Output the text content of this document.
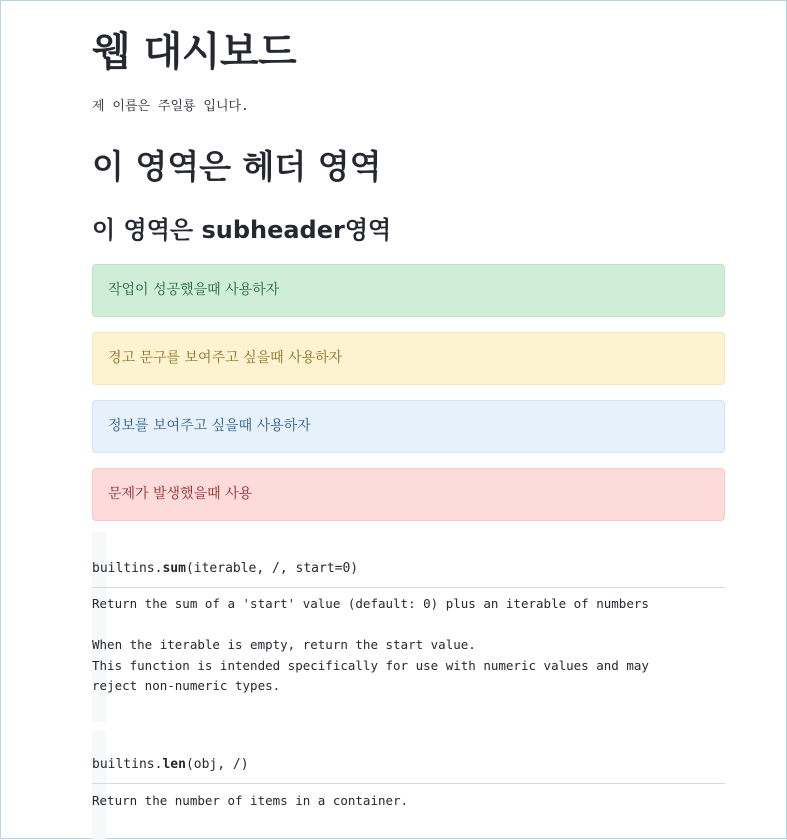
웹 대시보드
제 이름은 주일룡 입니다.
이 영역은 헤더 영역
이 영역은 subheader영역
작업이 성공했을때 사용하자
경고 문구를 보여주고 싶을때 사용하자
정보를 보여주고 싶을때 사용하자
문제가 발생했을때 사용
builtins.sum(iterable, /, start=0)
Return the sum of a 'start' value (default: 0) plus an iterable of numbers

When the iterable is empty, return the start value.
This function is intended specifically for use with numeric values and may
reject non-numeric types.
builtins.len(obj, /)
Return the number of items in a container.
